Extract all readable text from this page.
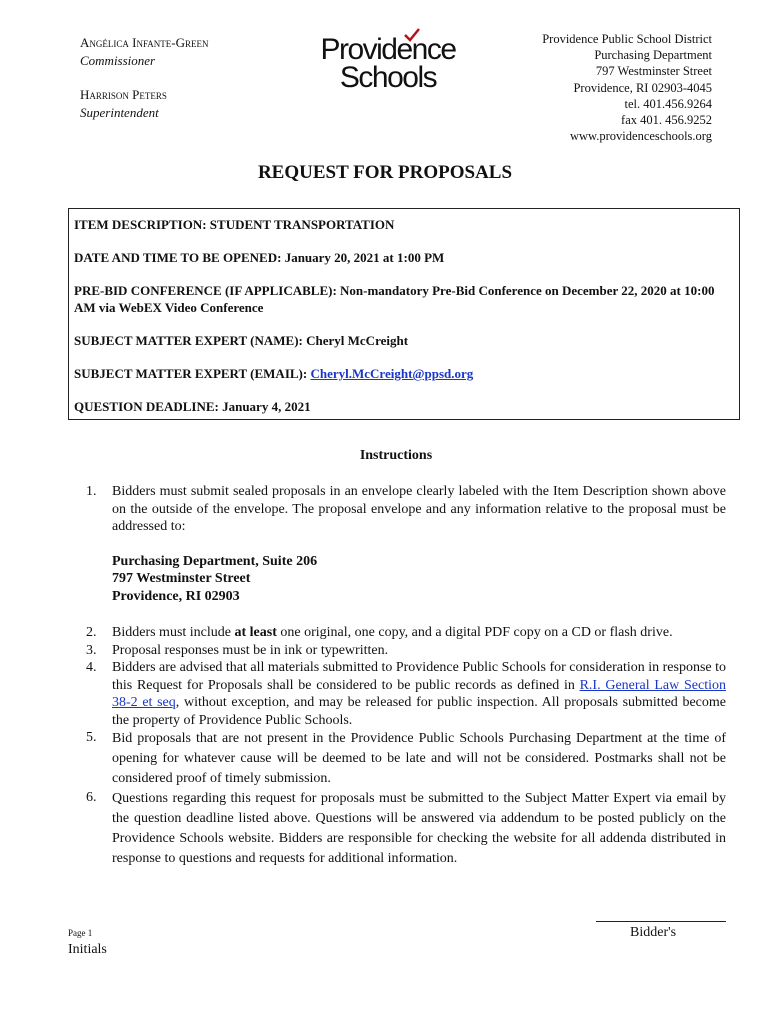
Angélica Infante-Green
Commissioner
Harrison Peters
Superintendent
Providence
Schools
Providence Public School District
Purchasing Department
797 Westminster Street
Providence, RI 02903-4045
tel. 401.456.9264
fax 401. 456.9252
www.providenceschools.org
REQUEST FOR PROPOSALS

ITEM DESCRIPTION: STUDENT TRANSPORTATION

DATE AND TIME TO BE OPENED: January 20, 2021 at 1:00 PM

PRE-BID CONFERENCE (IF APPLICABLE): Non-mandatory Pre-Bid Conference on December 22, 2020 at 10:00 AM via WebEX Video Conference

SUBJECT MATTER EXPERT (NAME): Cheryl McCreight

SUBJECT MATTER EXPERT (EMAIL): Cheryl.McCreight@ppsd.org

QUESTION DEADLINE: January 4, 2021

Instructions
1.	Bidders must submit sealed proposals in an envelope clearly labeled with the Item Description shown above on the outside of the envelope. The proposal envelope and any information relative to the proposal must be addressed to:
Purchasing Department, Suite 206
797 Westminster Street
Providence, RI 02903
2.	Bidders must include at least one original, one copy, and a digital PDF copy on a CD or flash drive.
3.	Proposal responses must be in ink or typewritten.
4.	Bidders are advised that all materials submitted to Providence Public Schools for consideration in response to this Request for Proposals shall be considered to be public records as defined in R.I. General Law Section 38-2 et seq, without exception, and may be released for public inspection. All proposals submitted become the property of Providence Public Schools.
5.	Bid proposals that are not present in the Providence Public Schools Purchasing Department at the time of opening for whatever cause will be deemed to be late and will not be considered. Postmarks shall not be considered proof of timely submission.
6.	Questions regarding this request for proposals must be submitted to the Subject Matter Expert via email by the question deadline listed above. Questions will be answered via addendum to be posted publicly on the Providence Schools website. Bidders are responsible for checking the website for all addenda distributed in response to questions and requests for additional information.
Bidder's
Page 1
Initials
